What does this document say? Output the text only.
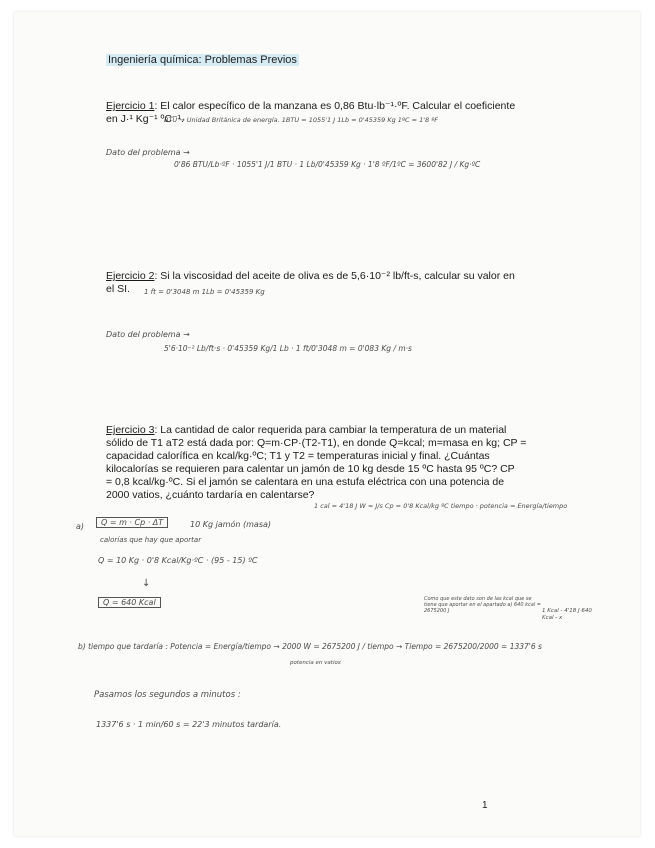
Ingeniería química: Problemas Previos
Ejercicio 1: El calor específico de la manzana es 0,86 Btu·lb⁻¹·ºF. Calcular el coeficiente
en J·¹ Kg⁻¹ ºC⁻¹.
BTU → Unidad Británica de energía. 1BTU = 1055'1 J 1Lb = 0'45359 Kg 1ºC = 1'8 ºF
Dato del problema →
0'86 BTU/Lb·ºF · 1055'1 J/1 BTU · 1 Lb/0'45359 Kg · 1'8 ºF/1ºC = 3600'82 J / Kg·ºC
Ejercicio 2: Si la viscosidad del aceite de oliva es de 5,6·10⁻² lb/ft-s, calcular su valor en
el SI.	1 ft = 0'3048 m 1Lb = 0'45359 Kg
Dato del problema →
5'6·10⁻² Lb/ft·s · 0'45359 Kg/1 Lb · 1 ft/0'3048 m = 0'083 Kg / m·s
Ejercicio 3: La cantidad de calor requerida para cambiar la temperatura de un material
sólido de T1 aT2 está dada por: Q=m·CP·(T2-T1), en donde Q=kcal; m=masa en kg; CP =
capacidad calorífica en kcal/kg·ºC; T1 y T2 = temperaturas inicial y final. ¿Cuántas
kilocalorías se requieren para calentar un jamón de 10 kg desde 15 ºC hasta 95 ºC? CP
= 0,8 kcal/kg·ºC. Si el jamón se calentara en una estufa eléctrica con una potencia de
2000 vatios, ¿cuánto tardaría en calentarse?
1 cal = 4'18 J W = J/s Cp = 0'8 Kcal/kg ºC tiempo · potencia = Energía/tiempo
a)	Q = m · Cp · ΔT	10 Kg jamón (masa)
calorías que hay que aportar
Q = 10 Kg · 0'8 Kcal/Kg·ºC · (95 - 15) ºC
↓
Q = 640 Kcal	Como que este dato son de las kcal que se tiene que aportar en el apartado a) 640 kcal = 2675200 J	1 Kcal - 4'18 J 640 Kcal - x
b) tiempo que tardaría : Potencia = Energía/tiempo → 2000 W = 2675200 J / tiempo → Tiempo = 2675200/2000 = 1337'6 s
potencia en vatios
Pasamos los segundos a minutos :
1337'6 s · 1 min/60 s = 22'3 minutos tardaría.
1
